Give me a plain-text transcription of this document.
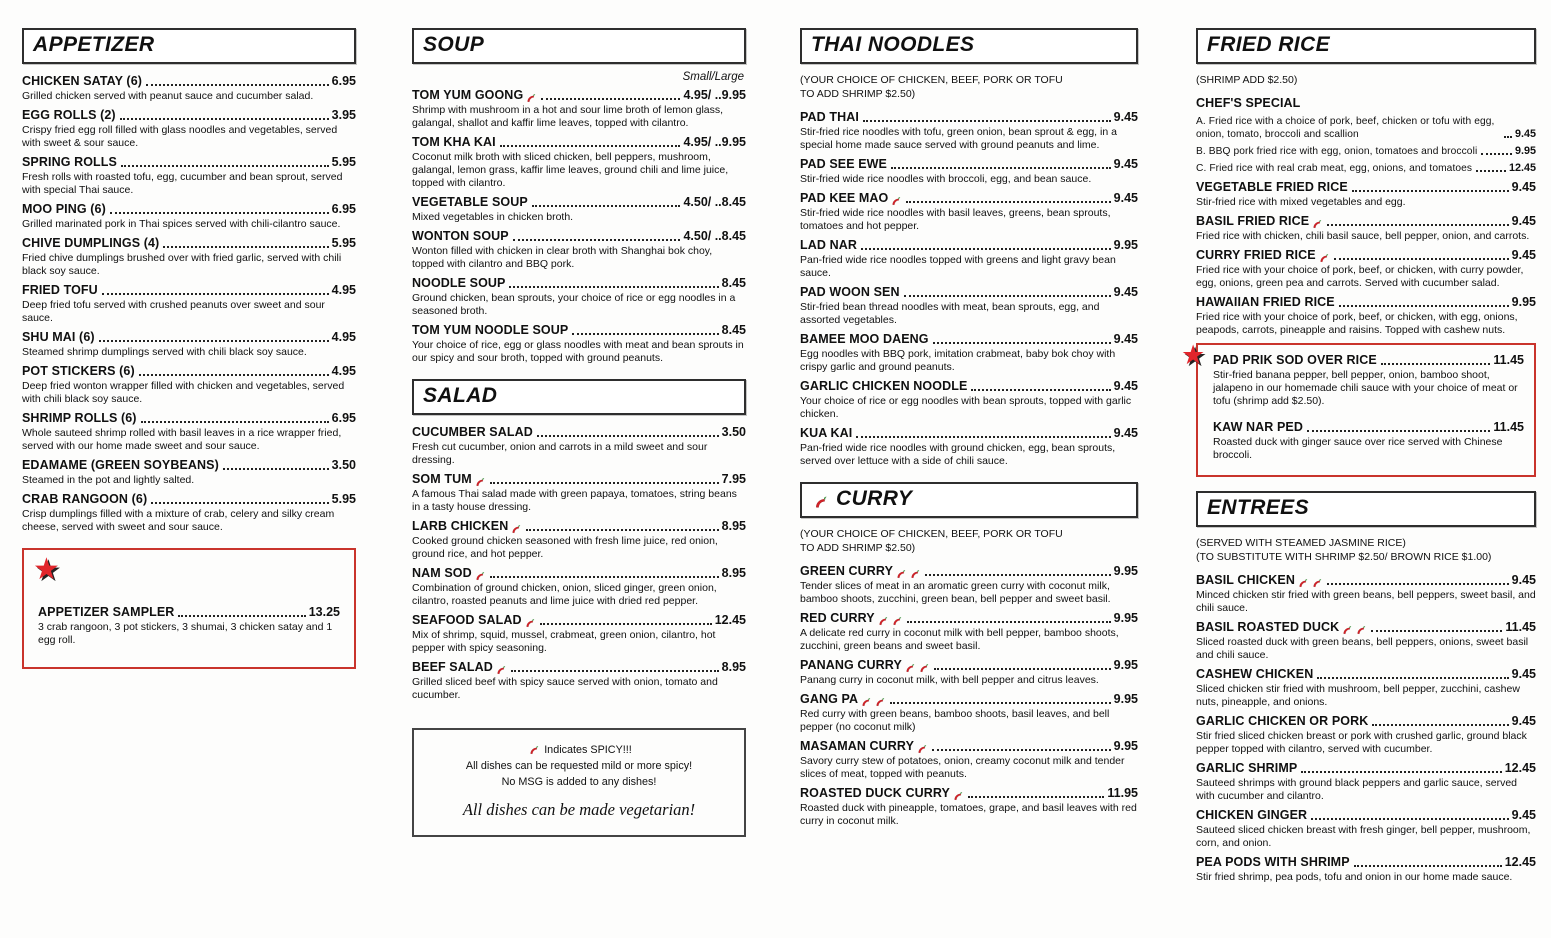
APPETIZER
CHICKEN SATAY (6)	6.95
Grilled chicken served with peanut sauce and cucumber salad.
EGG ROLLS (2)	3.95
Crispy fried egg roll filled with glass noodles and vegetables, served with sweet & sour sauce.
SPRING ROLLS	5.95
Fresh rolls with roasted tofu, egg, cucumber and bean sprout, served with special Thai sauce.
MOO PING (6)	6.95
Grilled marinated pork in Thai spices served with chili-cilantro sauce.
CHIVE DUMPLINGS (4)	5.95
Fried chive dumplings brushed over with fried garlic, served with chili black soy sauce.
FRIED TOFU	4.95
Deep fried tofu served with crushed peanuts over sweet and sour sauce.
SHU MAI (6)	4.95
Steamed shrimp dumplings served with chili black soy sauce.
POT STICKERS (6)	4.95
Deep fried wonton wrapper filled with chicken and vegetables, served with chili black soy sauce.
SHRIMP ROLLS (6)	6.95
Whole sauteed shrimp rolled with basil leaves in a rice wrapper fried, served with our home made sweet and sour sauce.
EDAMAME (GREEN SOYBEANS)	3.50
Steamed in the pot and lightly salted.
CRAB RANGOON (6)	5.95
Crisp dumplings filled with a mixture of crab, celery and silky cream cheese, served with sweet and sour sauce.
★
APPETIZER SAMPLER	13.25
3 crab rangoon, 3 pot stickers, 3 shumai, 3 chicken satay and 1 egg roll.
SOUP
Small/Large
TOM YUM GOONG	4.95/ ..9.95
Shrimp with mushroom in a hot and sour lime broth of lemon glass, galangal, shallot and kaffir lime leaves, topped with cilantro.
TOM KHA KAI	4.95/ ..9.95
Coconut milk broth with sliced chicken, bell peppers, mushroom, galangal, lemon grass, kaffir lime leaves, ground chili and lime juice, topped with cilantro.
VEGETABLE SOUP	4.50/ ..8.45
Mixed vegetables in chicken broth.
WONTON SOUP	4.50/ ..8.45
Wonton filled with chicken in clear broth with Shanghai bok choy, topped with cilantro and BBQ pork.
NOODLE SOUP	8.45
Ground chicken, bean sprouts, your choice of rice or egg noodles in a seasoned broth.
TOM YUM NOODLE SOUP	8.45
Your choice of rice, egg or glass noodles with meat and bean sprouts in our spicy and sour broth, topped with ground peanuts.
SALAD
CUCUMBER SALAD	3.50
Fresh cut cucumber, onion and carrots in a mild sweet and sour dressing.
SOM TUM	7.95
A famous Thai salad made with green papaya, tomatoes, string beans in a tasty house dressing.
LARB CHICKEN	8.95
Cooked ground chicken seasoned with fresh lime juice, red onion, ground rice, and hot pepper.
NAM SOD	8.95
Combination of ground chicken, onion, sliced ginger, green onion, cilantro, roasted peanuts and lime juice with dried red pepper.
SEAFOOD SALAD	12.45
Mix of shrimp, squid, mussel, crabmeat, green onion, cilantro, hot pepper with spicy seasoning.
BEEF SALAD	8.95
Grilled sliced beef with spicy sauce served with onion, tomato and cucumber.
Indicates SPICY!!!
All dishes can be requested mild or more spicy!
No MSG is added to any dishes!
All dishes can be made vegetarian!
THAI NOODLES
(YOUR CHOICE OF CHICKEN, BEEF, PORK OR TOFU
TO ADD SHRIMP $2.50)
PAD THAI	9.45
Stir-fried rice noodles with tofu, green onion, bean sprout & egg, in a special home made sauce served with ground peanuts and lime.
PAD SEE EWE	9.45
Stir-fried wide rice noodles with broccoli, egg, and bean sauce.
PAD KEE MAO	9.45
Stir-fried wide rice noodles with basil leaves, greens, bean sprouts, tomatoes and hot pepper.
LAD NAR	9.95
Pan-fried wide rice noodles topped with greens and light gravy bean sauce.
PAD WOON SEN	9.45
Stir-fried bean thread noodles with meat, bean sprouts, egg, and assorted vegetables.
BAMEE MOO DAENG	9.45
Egg noodles with BBQ pork, imitation crabmeat, baby bok choy with crispy garlic and ground peanuts.
GARLIC CHICKEN NOODLE	9.45
Your choice of rice or egg noodles with bean sprouts, topped with garlic chicken.
KUA KAI	9.45
Pan-fried wide rice noodles with ground chicken, egg, bean sprouts, served over lettuce with a side of chili sauce.
CURRY
(YOUR CHOICE OF CHICKEN, BEEF, PORK OR TOFU
TO ADD SHRIMP $2.50)
GREEN CURRY	9.95
Tender slices of meat in an aromatic green curry with coconut milk, bamboo shoots, zucchini, green bean, bell pepper and sweet basil.
RED CURRY	9.95
A delicate red curry in coconut milk with bell pepper, bamboo shoots, zucchini, green beans and sweet basil.
PANANG CURRY	9.95
Panang curry in coconut milk, with bell pepper and citrus leaves.
GANG PA	9.95
Red curry with green beans, bamboo shoots, basil leaves, and bell pepper (no coconut milk)
MASAMAN CURRY	9.95
Savory curry stew of potatoes, onion, creamy coconut milk and tender slices of meat, topped with peanuts.
ROASTED DUCK CURRY	11.95
Roasted duck with pineapple, tomatoes, grape, and basil leaves with red curry in coconut milk.
FRIED RICE
(SHRIMP ADD $2.50)
CHEF'S SPECIAL
A. Fried rice with a choice of pork, beef, chicken or tofu with egg, onion, tomato, broccoli and scallion	9.45
B. BBQ pork fried rice with egg, onion, tomatoes and broccoli	9.95
C. Fried rice with real crab meat, egg, onions, and tomatoes	12.45
VEGETABLE FRIED RICE	9.45
Stir-fried rice with mixed vegetables and egg.
BASIL FRIED RICE	9.45
Fried rice with chicken, chili basil sauce, bell pepper, onion, and carrots.
CURRY FRIED RICE	9.45
Fried rice with your choice of pork, beef, or chicken, with curry powder, egg, onions, green pea and carrots. Served with cucumber salad.
HAWAIIAN FRIED RICE	9.95
Fried rice with your choice of pork, beef, or chicken, with egg, onions, peapods, carrots, pineapple and raisins. Topped with cashew nuts.
★ PAD PRIK SOD OVER RICE	11.45
Stir-fried banana pepper, bell pepper, onion, bamboo shoot, jalapeno in our homemade chili sauce with your choice of meat or tofu (shrimp add $2.50).
KAW NAR PED	11.45
Roasted duck with ginger sauce over rice served with Chinese broccoli.
ENTREES
(SERVED WITH STEAMED JASMINE RICE)
(TO SUBSTITUTE WITH SHRIMP $2.50/ BROWN RICE $1.00)
BASIL CHICKEN	9.45
Minced chicken stir fried with green beans, bell peppers, sweet basil, and chili sauce.
BASIL ROASTED DUCK	11.45
Sliced roasted duck with green beans, bell peppers, onions, sweet basil and chili sauce.
CASHEW CHICKEN	9.45
Sliced chicken stir fried with mushroom, bell pepper, zucchini, cashew nuts, pineapple, and onions.
GARLIC CHICKEN OR PORK	9.45
Stir fried sliced chicken breast or pork with crushed garlic, ground black pepper topped with cilantro, served with cucumber.
GARLIC SHRIMP	12.45
Sauteed shrimps with ground black peppers and garlic sauce, served with cucumber and cilantro.
CHICKEN GINGER	9.45
Sauteed sliced chicken breast with fresh ginger, bell pepper, mushroom, corn, and onion.
PEA PODS WITH SHRIMP	12.45
Stir fried shrimp, pea pods, tofu and onion in our home made sauce.
